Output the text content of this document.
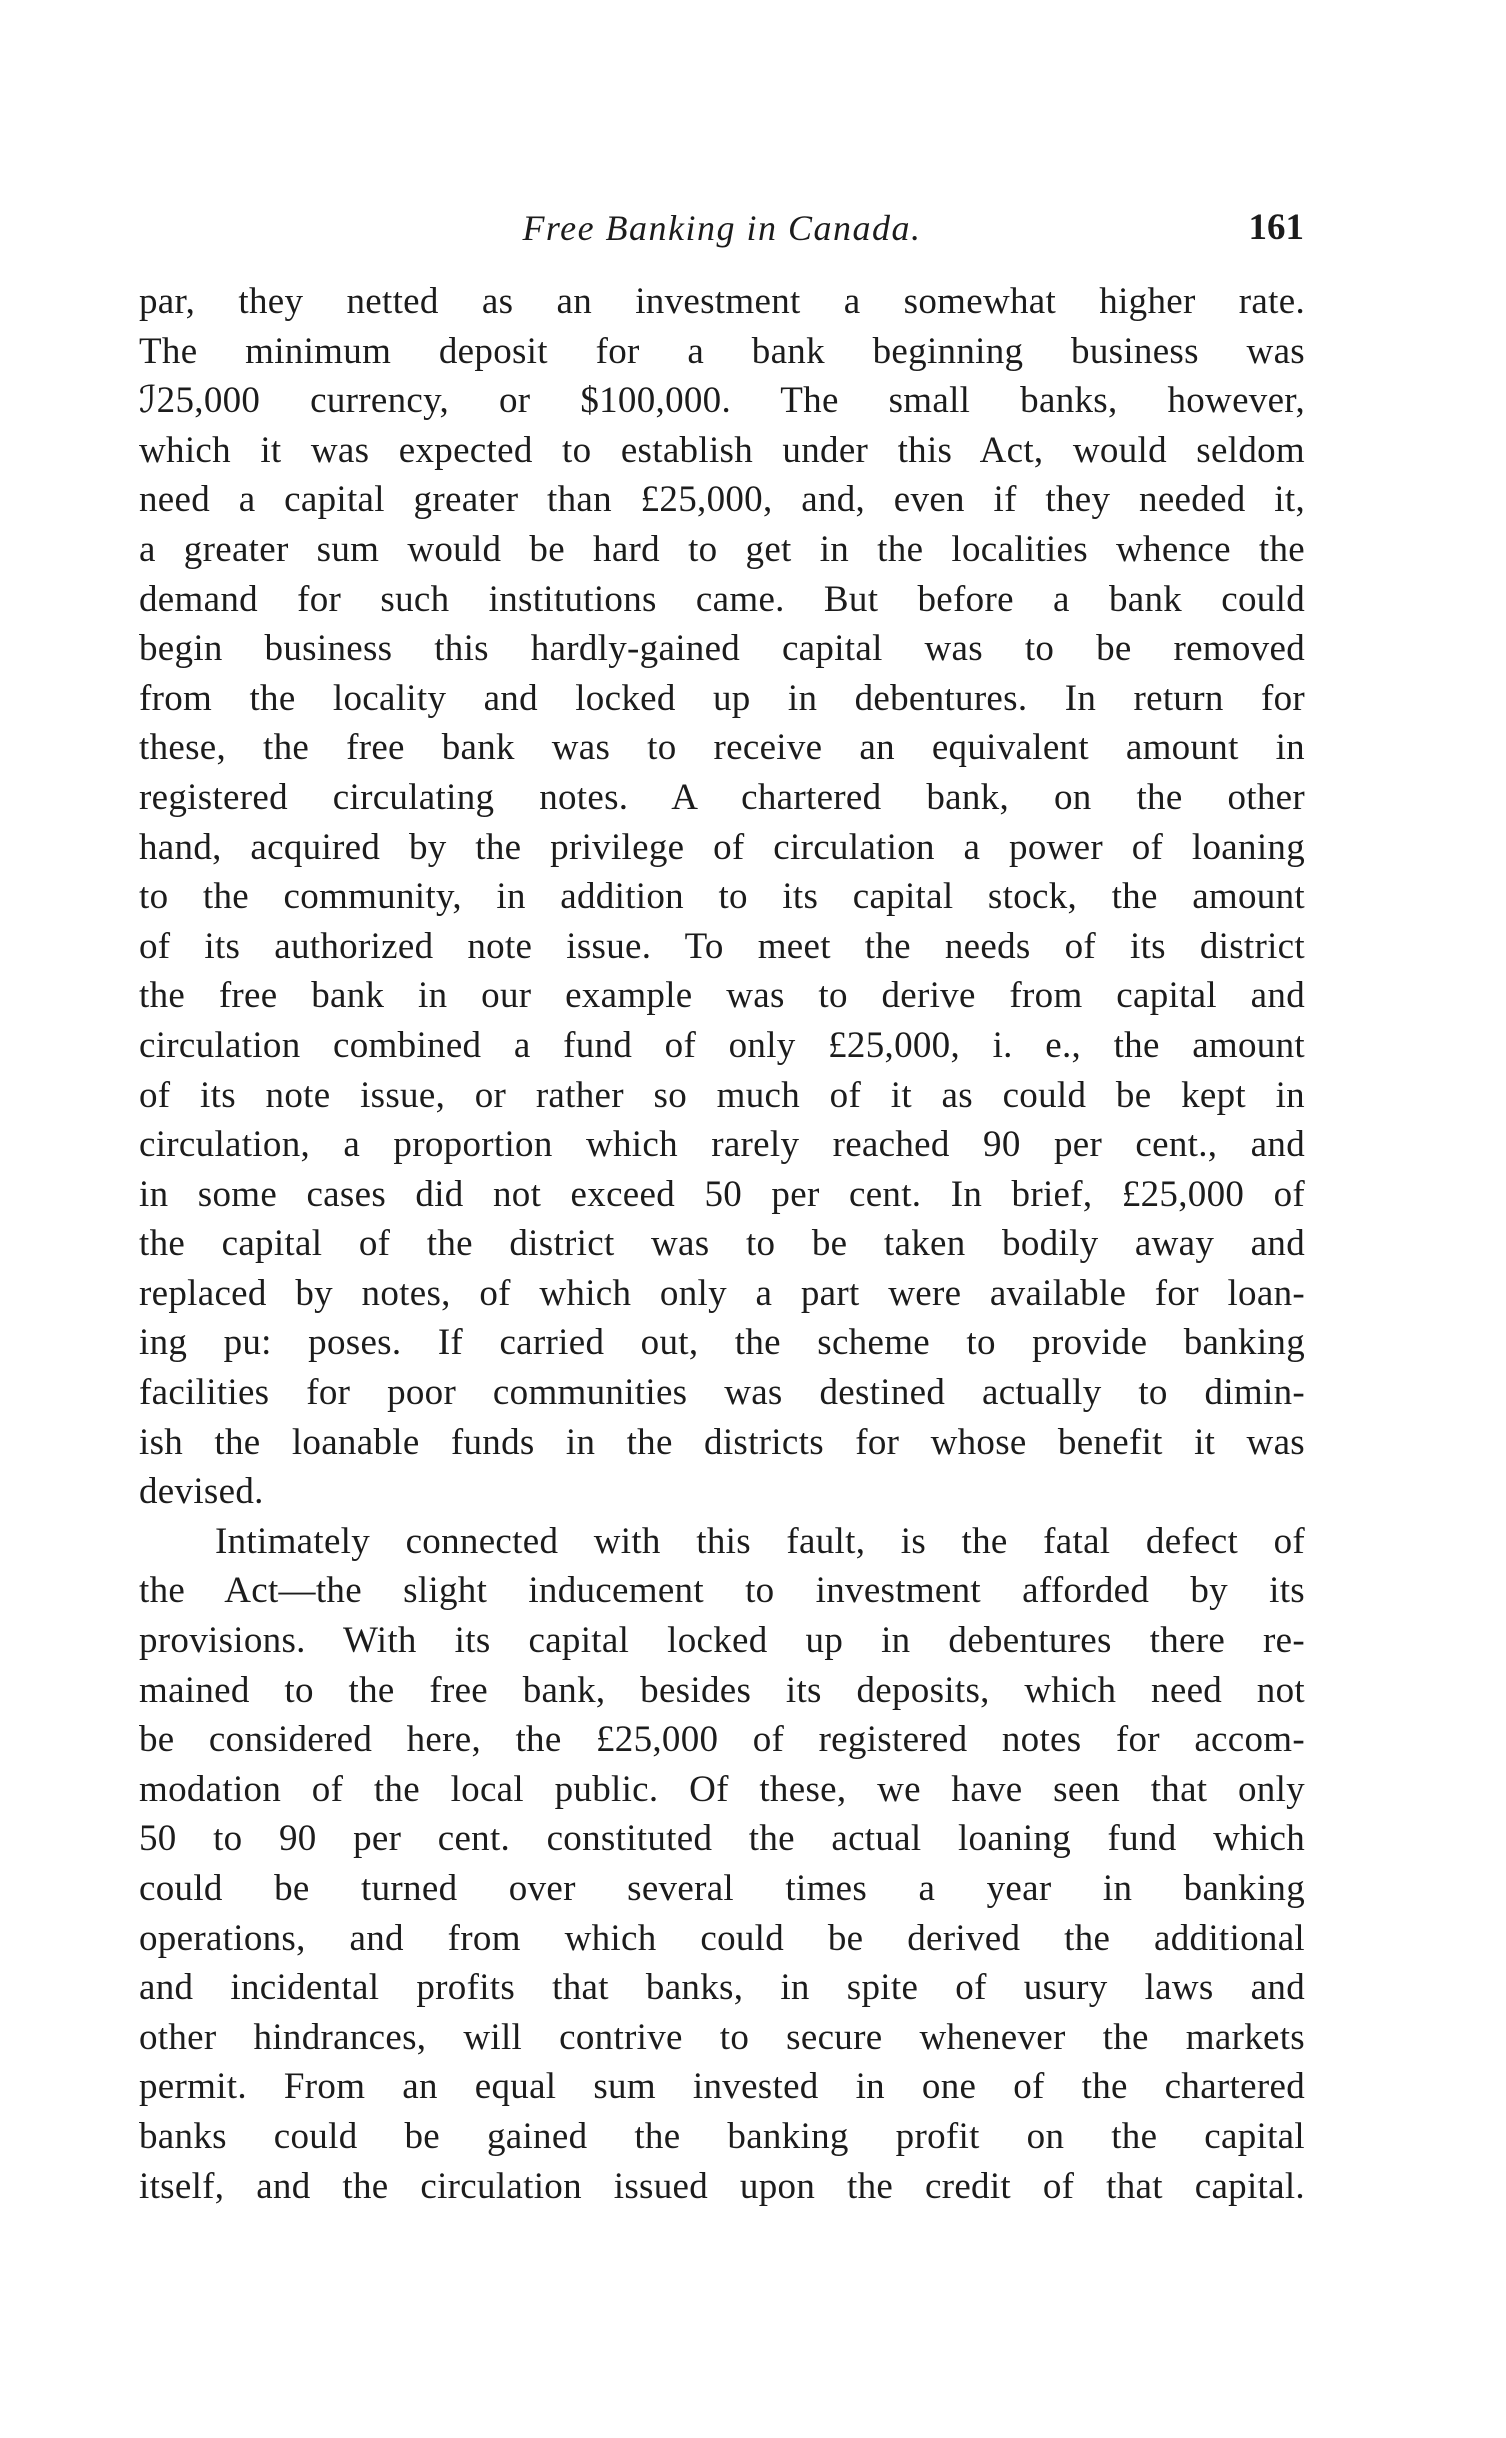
Free Banking in Canada.	161
par, they netted as an investment a somewhat higher rate.
The minimum deposit for a bank beginning business was
ℐ25,000 currency, or $100,000. The small banks, however,
which it was expected to establish under this Act, would seldom
need a capital greater than £25,000, and, even if they needed it,
a greater sum would be hard to get in the localities whence the
demand for such institutions came. But before a bank could
begin business this hardly-gained capital was to be removed
from the locality and locked up in debentures. In return for
these, the free bank was to receive an equivalent amount in
registered circulating notes. A chartered bank, on the other
hand, acquired by the privilege of circulation a power of loaning
to the community, in addition to its capital stock, the amount
of its authorized note issue. To meet the needs of its district
the free bank in our example was to derive from capital and
circulation combined a fund of only £25,000, i. e., the amount
of its note issue, or rather so much of it as could be kept in
circulation, a proportion which rarely reached 90 per cent., and
in some cases did not exceed 50 per cent. In brief, £25,000 of
the capital of the district was to be taken bodily away and
replaced by notes, of which only a part were available for loan-
ing pu: poses. If carried out, the scheme to provide banking
facilities for poor communities was destined actually to dimin-
ish the loanable funds in the districts for whose benefit it was
devised.
Intimately connected with this fault, is the fatal defect of
the Act—the slight inducement to investment afforded by its
provisions. With its capital locked up in debentures there re-
mained to the free bank, besides its deposits, which need not
be considered here, the £25,000 of registered notes for accom-
modation of the local public. Of these, we have seen that only
50 to 90 per cent. constituted the actual loaning fund which
could be turned over several times a year in banking
operations, and from which could be derived the additional
and incidental profits that banks, in spite of usury laws and
other hindrances, will contrive to secure whenever the markets
permit. From an equal sum invested in one of the chartered
banks could be gained the banking profit on the capital
itself, and the circulation issued upon the credit of that capital.
